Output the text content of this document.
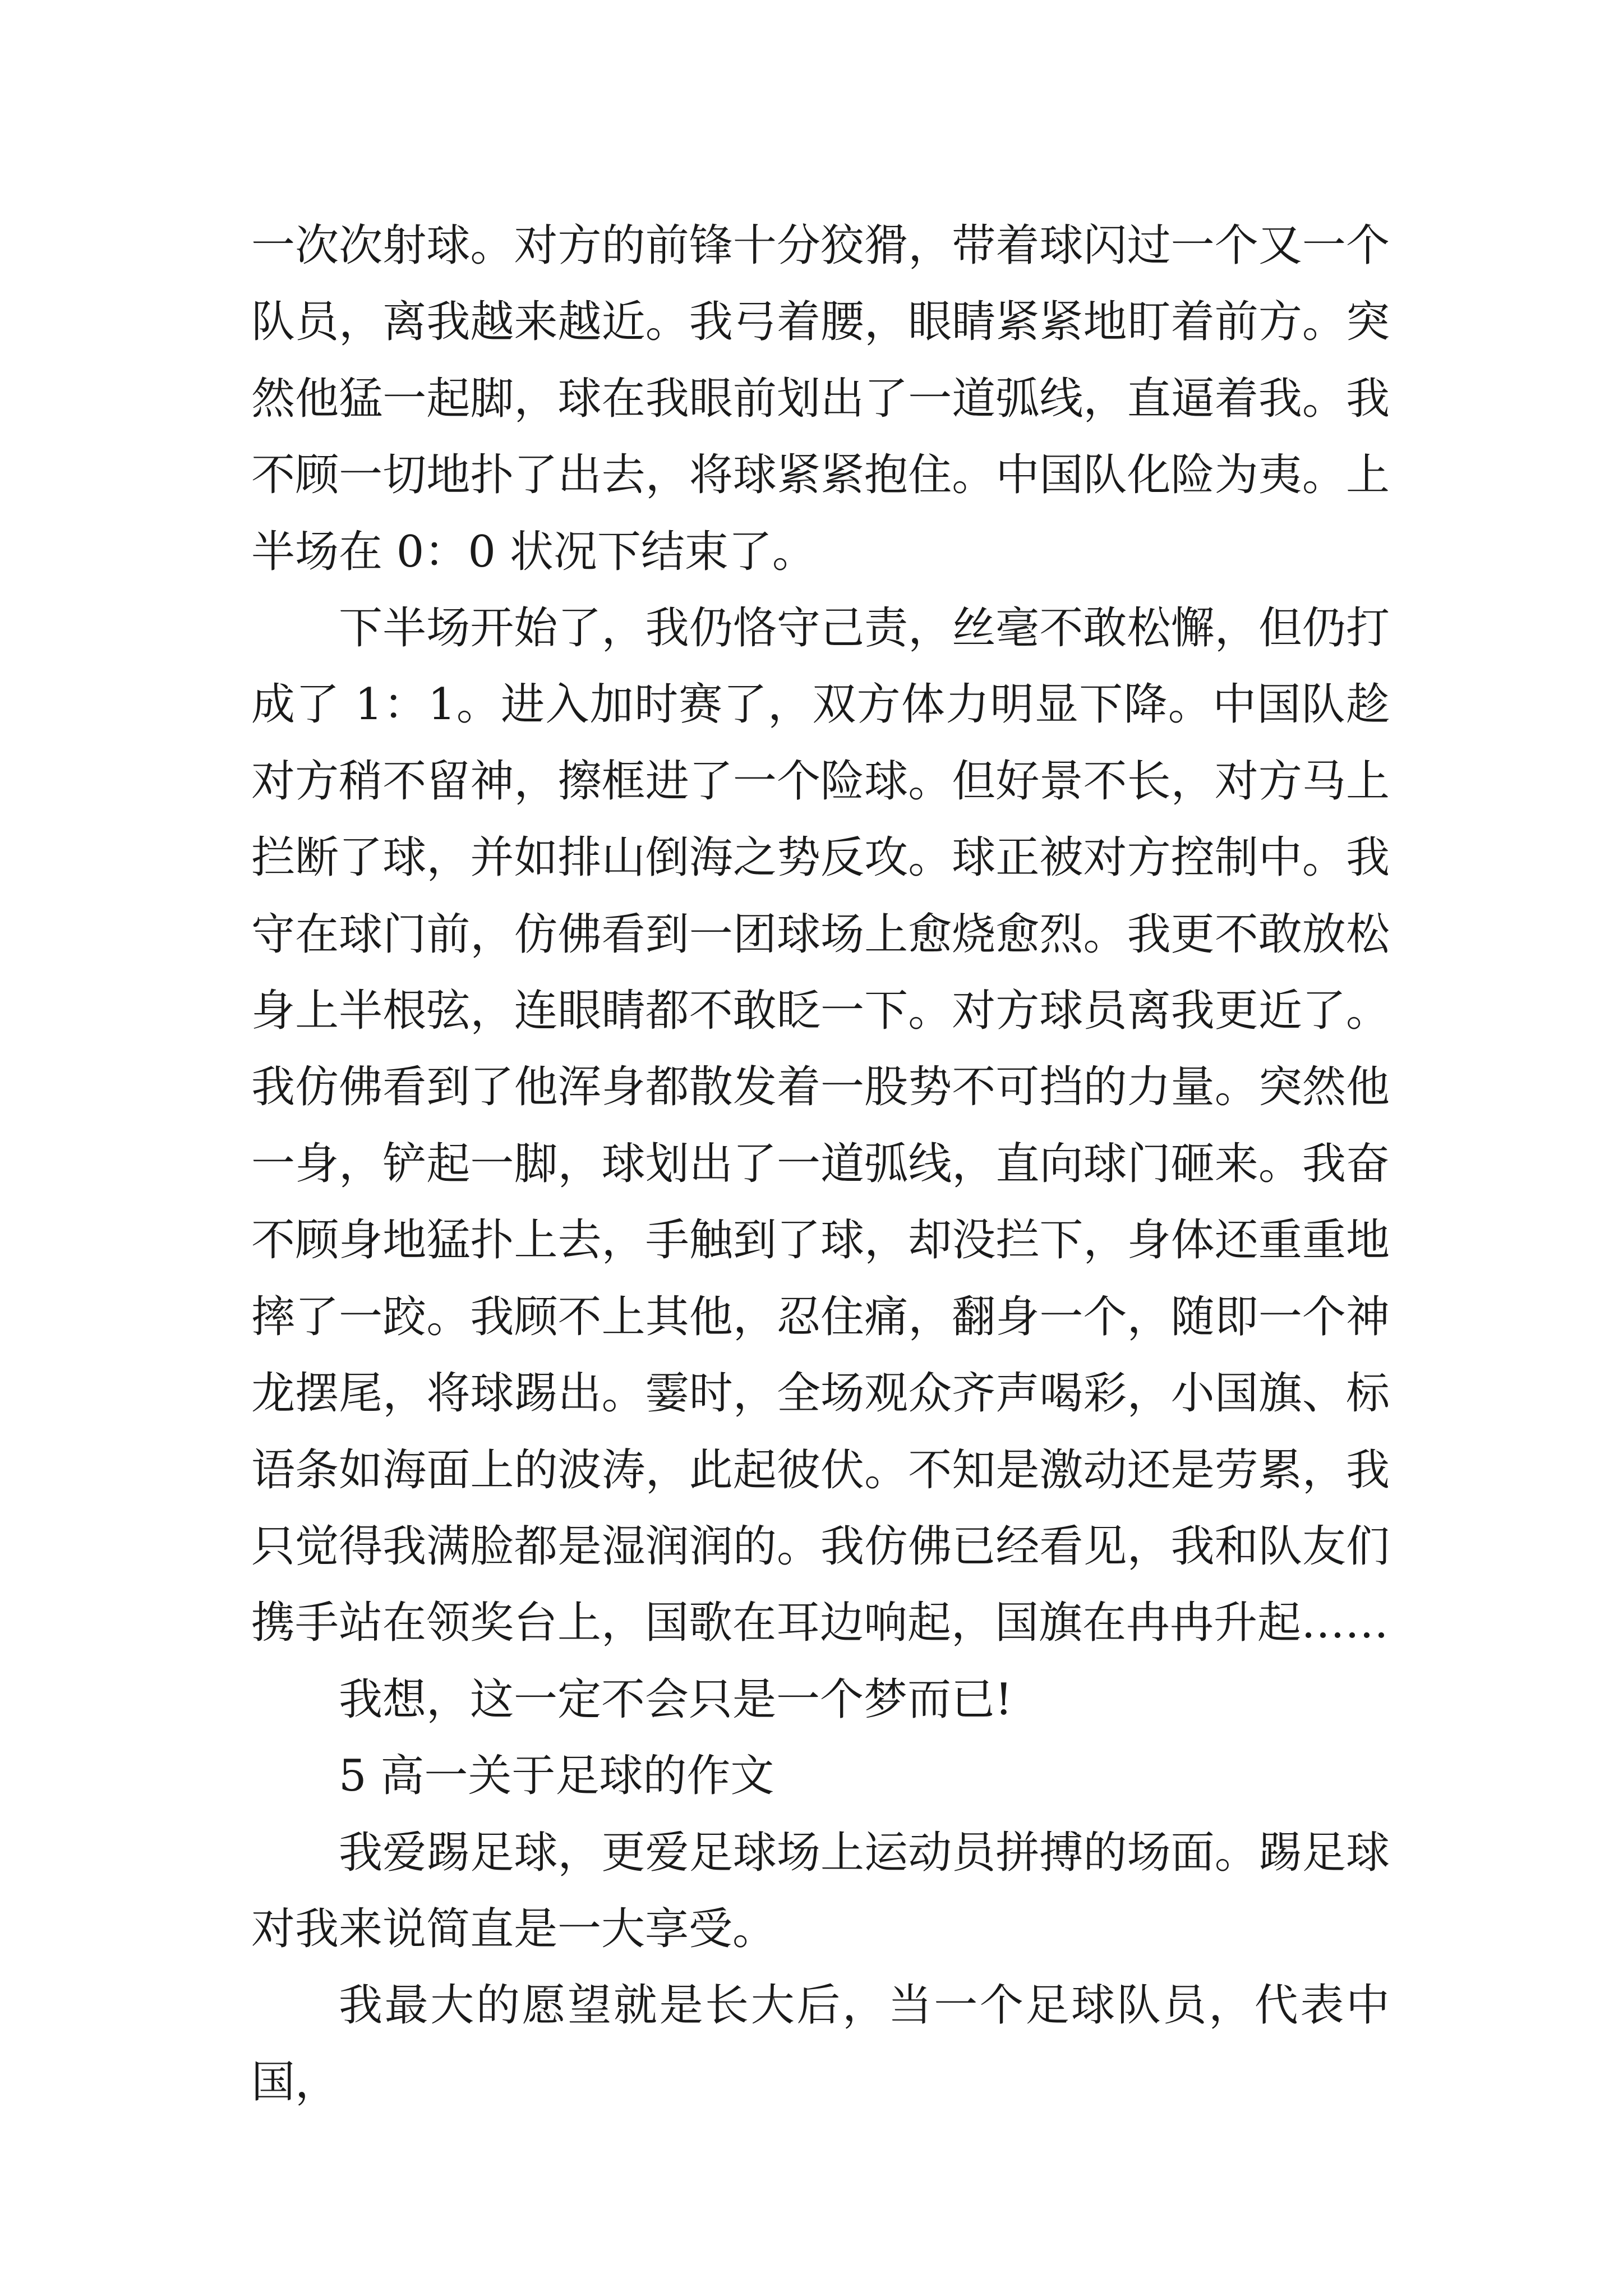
一次次射球。对方的前锋十分狡猾，带着球闪过一个又一个队员，离我越来越近。我弓着腰，眼睛紧紧地盯着前方。突然他猛一起脚，球在我眼前划出了一道弧线，直逼着我。我不顾一切地扑了出去，将球紧紧抱住。中国队化险为夷。上半场在 0：0 状况下结束了。

下半场开始了，我仍恪守己责，丝毫不敢松懈，但仍打成了 1：1。进入加时赛了，双方体力明显下降。中国队趁对方稍不留神，擦框进了一个险球。但好景不长，对方马上拦断了球，并如排山倒海之势反攻。球正被对方控制中。我守在球门前，仿佛看到一团球场上愈烧愈烈。我更不敢放松身上半根弦，连眼睛都不敢眨一下。对方球员离我更近了。我仿佛看到了他浑身都散发着一股势不可挡的力量。突然他一身，铲起一脚，球划出了一道弧线，直向球门砸来。我奋不顾身地猛扑上去，手触到了球，却没拦下，身体还重重地摔了一跤。我顾不上其他，忍住痛，翻身一个，随即一个神龙摆尾，将球踢出。霎时，全场观众齐声喝彩，小国旗、标语条如海面上的波涛，此起彼伏。不知是激动还是劳累，我只觉得我满脸都是湿润润的。我仿佛已经看见，我和队友们携手站在领奖台上，国歌在耳边响起，国旗在冉冉升起……

我想，这一定不会只是一个梦而已!

5 高一关于足球的作文

我爱踢足球，更爱足球场上运动员拼搏的场面。踢足球对我来说简直是一大享受。

我最大的愿望就是长大后，当一个足球队员，代表中国，
